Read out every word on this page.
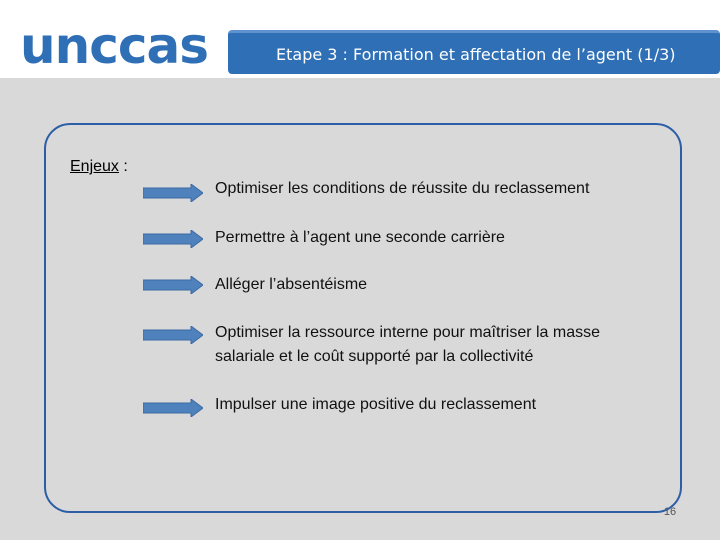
unccas	Etape 3 : Formation et affectation de l’agent (1/3)
Enjeux :
Optimiser les conditions de réussite du reclassement
Permettre à l’agent une seconde carrière
Alléger l’absentéisme
Optimiser la ressource interne pour maîtriser la masse salariale et le coût supporté par la collectivité
Impulser une image positive du reclassement
16
